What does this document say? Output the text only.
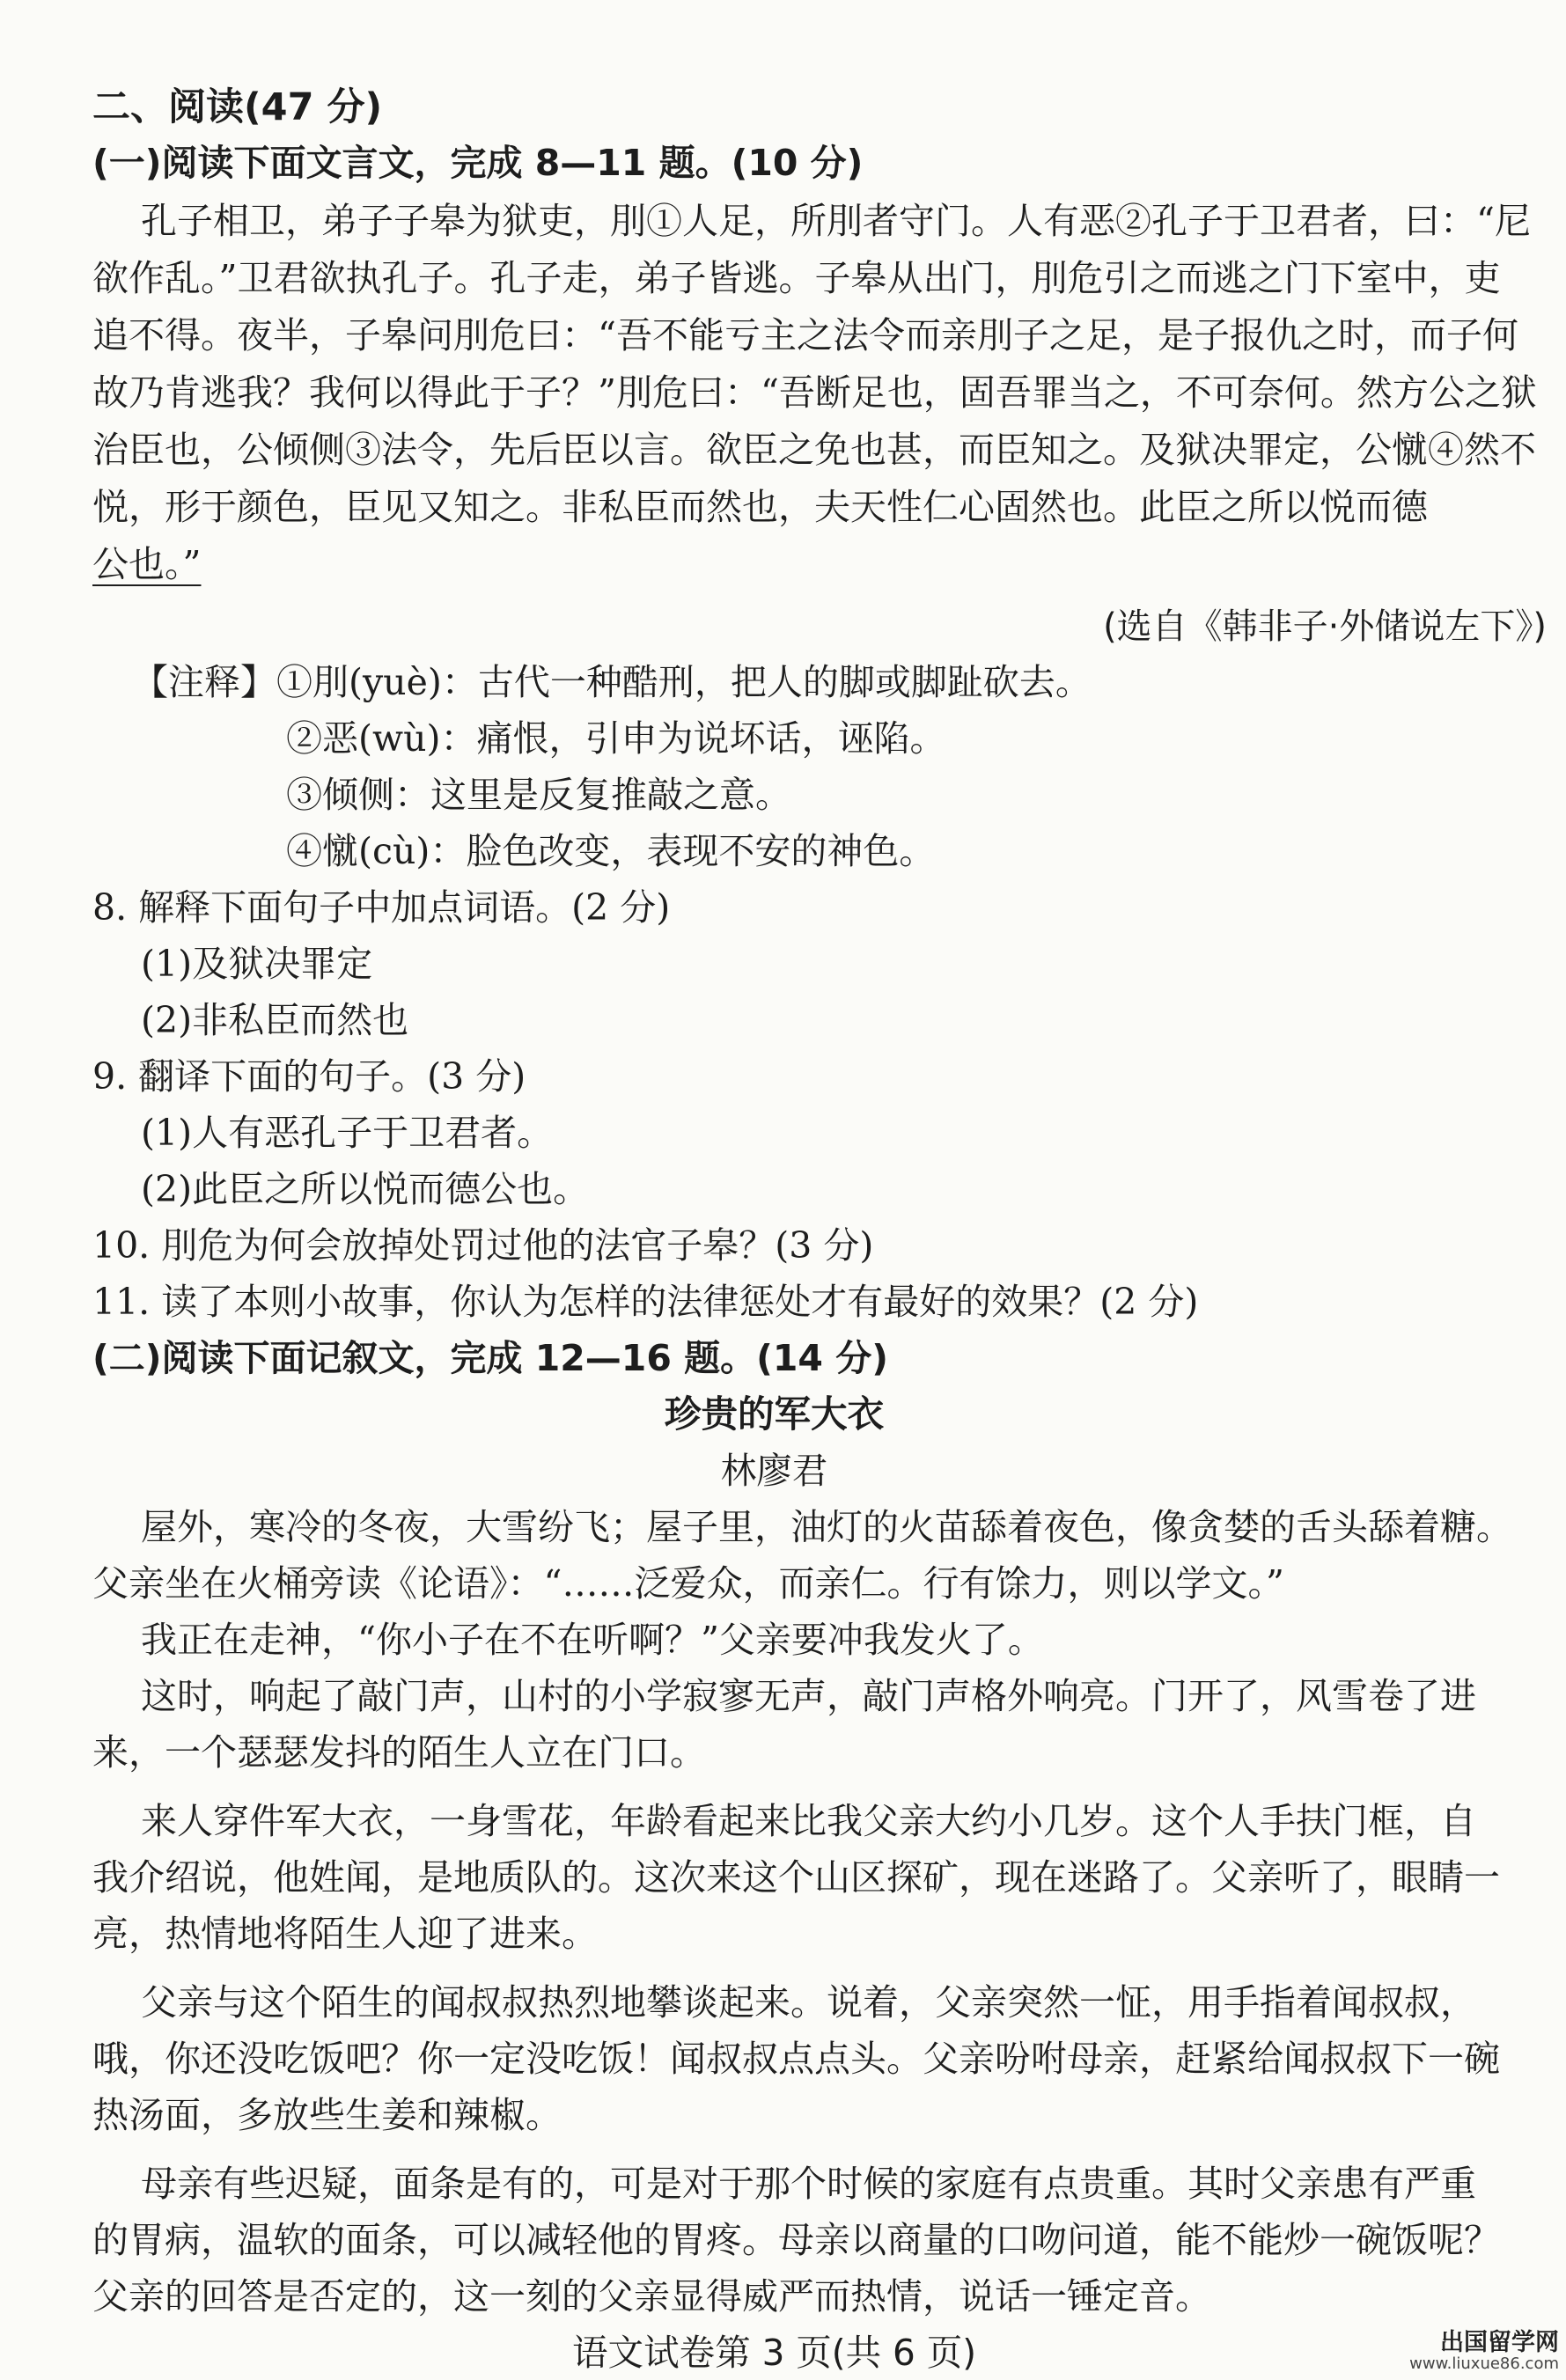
二、阅读(47 分)
(一)阅读下面文言文，完成 8—11 题。(10 分)
孔子相卫，弟子子皋为狱吏，刖①人足，所刖者守门。人有恶②孔子于卫君者，曰：“尼
欲作乱。”卫君欲执孔子。孔子走，弟子皆逃。子皋从出门，刖危引之而逃之门下室中，吏
追不得。夜半，子皋问刖危曰：“吾不能亏主之法令而亲刖子之足，是子报仇之时，而子何
故乃肯逃我？我何以得此于子？”刖危曰：“吾断足也，固吾罪当之，不可奈何。然方公之狱
治臣也，公倾侧③法令，先后臣以言。欲臣之免也甚，而臣知之。及狱决罪定，公憱④然不
悦，形于颜色，臣见又知之。非私臣而然也，夫天性仁心固然也。此臣之所以悦而德
公也。”
(选自《韩非子·外储说左下》)
【注释】①刖(yuè)：古代一种酷刑，把人的脚或脚趾砍去。
②恶(wù)：痛恨，引申为说坏话，诬陷。
③倾侧：这里是反复推敲之意。
④憱(cù)：脸色改变，表现不安的神色。
8. 解释下面句子中加点词语。(2 分)
(1)及狱决罪定
(2)非私臣而然也
9. 翻译下面的句子。(3 分)
(1)人有恶孔子于卫君者。
(2)此臣之所以悦而德公也。
10. 刖危为何会放掉处罚过他的法官子皋？(3 分)
11. 读了本则小故事，你认为怎样的法律惩处才有最好的效果？(2 分)
(二)阅读下面记叙文，完成 12—16 题。(14 分)
珍贵的军大衣
林廖君
屋外，寒冷的冬夜，大雪纷飞；屋子里，油灯的火苗舔着夜色，像贪婪的舌头舔着糖。
父亲坐在火桶旁读《论语》：“……泛爱众，而亲仁。行有馀力，则以学文。”
我正在走神，“你小子在不在听啊？”父亲要冲我发火了。
这时，响起了敲门声，山村的小学寂寥无声，敲门声格外响亮。门开了，风雪卷了进
来，一个瑟瑟发抖的陌生人立在门口。
来人穿件军大衣，一身雪花，年龄看起来比我父亲大约小几岁。这个人手扶门框，自
我介绍说，他姓闻，是地质队的。这次来这个山区探矿，现在迷路了。父亲听了，眼睛一
亮，热情地将陌生人迎了进来。
父亲与这个陌生的闻叔叔热烈地攀谈起来。说着，父亲突然一怔，用手指着闻叔叔，
哦，你还没吃饭吧？你一定没吃饭！闻叔叔点点头。父亲吩咐母亲，赶紧给闻叔叔下一碗
热汤面，多放些生姜和辣椒。
母亲有些迟疑，面条是有的，可是对于那个时候的家庭有点贵重。其时父亲患有严重
的胃病，温软的面条，可以减轻他的胃疼。母亲以商量的口吻问道，能不能炒一碗饭呢？
父亲的回答是否定的，这一刻的父亲显得威严而热情，说话一锤定音。
语文试卷第 3 页(共 6 页)	出国留学网
www.liuxue86.com
